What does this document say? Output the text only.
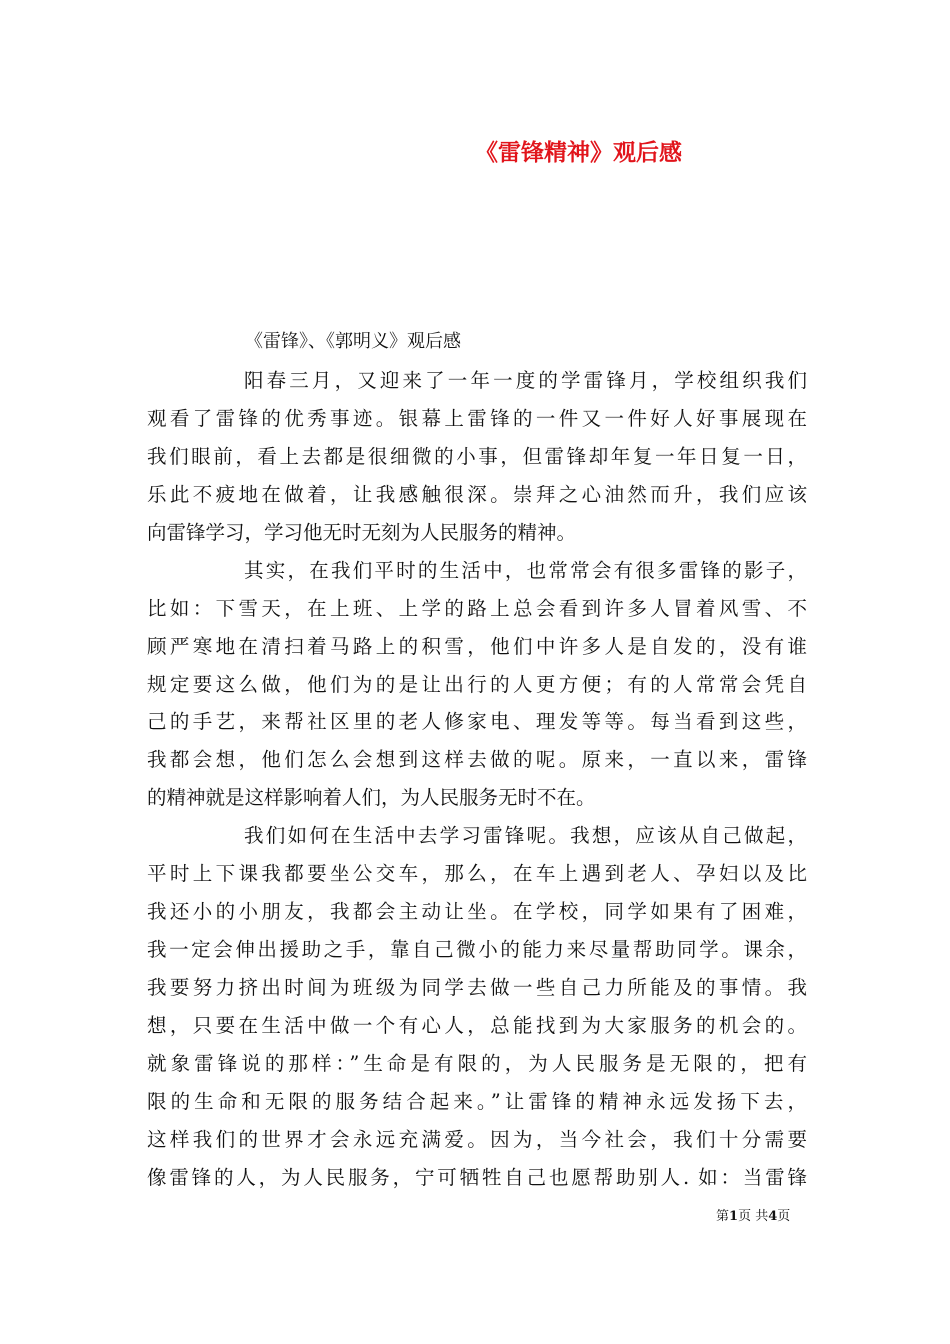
《雷锋精神》观后感
《雷锋》、《郭明义》观后感
阳春三月，又迎来了一年一度的学雷锋月，学校组织我们
观看了雷锋的优秀事迹。银幕上雷锋的一件又一件好人好事展现在
我们眼前，看上去都是很细微的小事，但雷锋却年复一年日复一日，
乐此不疲地在做着，让我感触很深。崇拜之心油然而升，我们应该
向雷锋学习，学习他无时无刻为人民服务的精神。
其实，在我们平时的生活中，也常常会有很多雷锋的影子，
比如：下雪天，在上班、上学的路上总会看到许多人冒着风雪、不
顾严寒地在清扫着马路上的积雪，他们中许多人是自发的，没有谁
规定要这么做，他们为的是让出行的人更方便；有的人常常会凭自
己的手艺，来帮社区里的老人修家电、理发等等。每当看到这些，
我都会想，他们怎么会想到这样去做的呢。原来，一直以来，雷锋
的精神就是这样影响着人们，为人民服务无时不在。
我们如何在生活中去学习雷锋呢。我想，应该从自己做起，
平时上下课我都要坐公交车，那么，在车上遇到老人、孕妇以及比
我还小的小朋友，我都会主动让坐。在学校，同学如果有了困难，
我一定会伸出援助之手，靠自己微小的能力来尽量帮助同学。课余，
我要努力挤出时间为班级为同学去做一些自己力所能及的事情。我
想，只要在生活中做一个有心人，总能找到为大家服务的机会的。
就象雷锋说的那样：”生命是有限的，为人民服务是无限的，把有
限的生命和无限的服务结合起来。”让雷锋的精神永远发扬下去，
这样我们的世界才会永远充满爱。因为，当今社会，我们十分需要
像雷锋的人，为人民服务，宁可牺牲自己也愿帮助别人. 如：当雷锋
第1页 共4页
